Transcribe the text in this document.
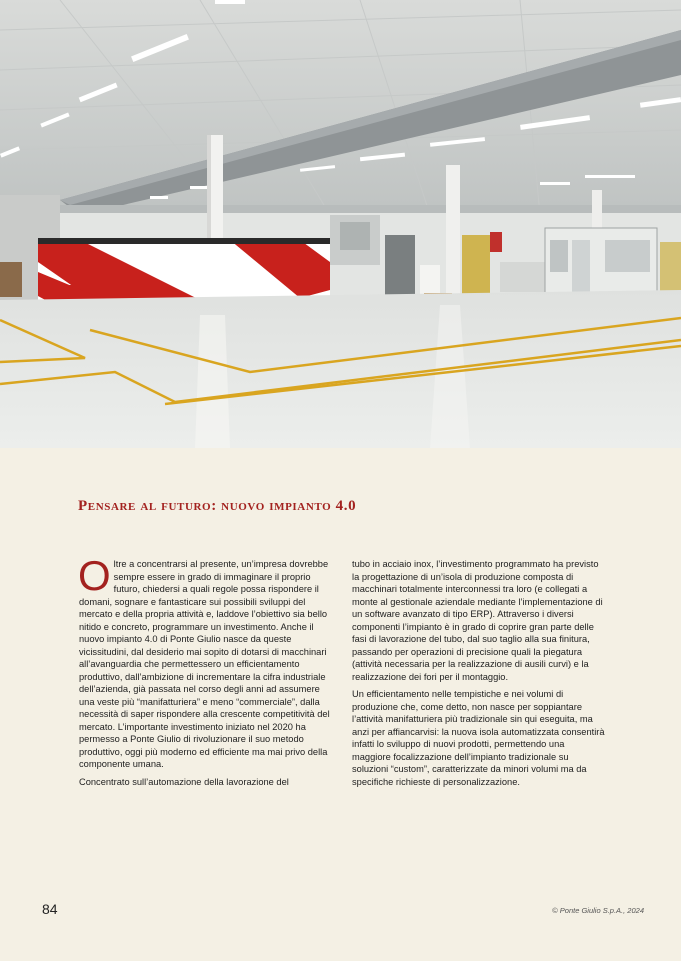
Pensare al futuro: nuovo impianto 4.0

Oltre a concentrarsi al presente, un’impresa dovrebbe sempre essere in grado di immaginare il proprio futuro, chiedersi a quali regole possa rispondere il domani, sognare e fantasticare sui possibili sviluppi del mercato e della propria attività e, laddove l’obiettivo sia bello nitido e concreto, programmare un investimento. Anche il nuovo impianto 4.0 di Ponte Giulio nasce da queste vicissitudini, dal desiderio mai sopito di dotarsi di macchinari all’avanguardia che permettessero un efficientamento produttivo, dall’ambizione di incrementare la cifra industriale dell’azienda, già passata nel corso degli anni ad assumere una veste più “manifatturiera” e meno “commerciale”, dalla necessità di saper rispondere alla crescente competitività del mercato. L’importante investimento iniziato nel 2020 ha permesso a Ponte Giulio di rivoluzionare il suo metodo produttivo, oggi più moderno ed efficiente ma mai privo della componente umana.

Concentrato sull’automazione della lavorazione del

tubo in acciaio inox, l’investimento programmato ha previsto la progettazione di un’isola di produzione composta di macchinari totalmente interconnessi tra loro (e collegati a monte al gestionale aziendale mediante l’implementazione di un software avanzato di tipo ERP). Attraverso i diversi componenti l’impianto è in grado di coprire gran parte delle fasi di lavorazione del tubo, dal suo taglio alla sua finitura, passando per operazioni di precisione quali la piegatura (attività necessaria per la realizzazione di ausili curvi) e la realizzazione dei fori per il montaggio.

Un efficientamento nelle tempistiche e nei volumi di produzione che, come detto, non nasce per soppiantare l’attività manifatturiera più tradizionale sin qui eseguita, ma anzi per affiancarvisi: la nuova isola automatizzata consentirà infatti lo sviluppo di nuovi prodotti, permettendo una maggiore focalizzazione dell’impianto tradizionale su soluzioni “custom”, caratterizzate da minori volumi ma da specifiche richieste di personalizzazione.

84	© Ponte Giulio S.p.A., 2024
